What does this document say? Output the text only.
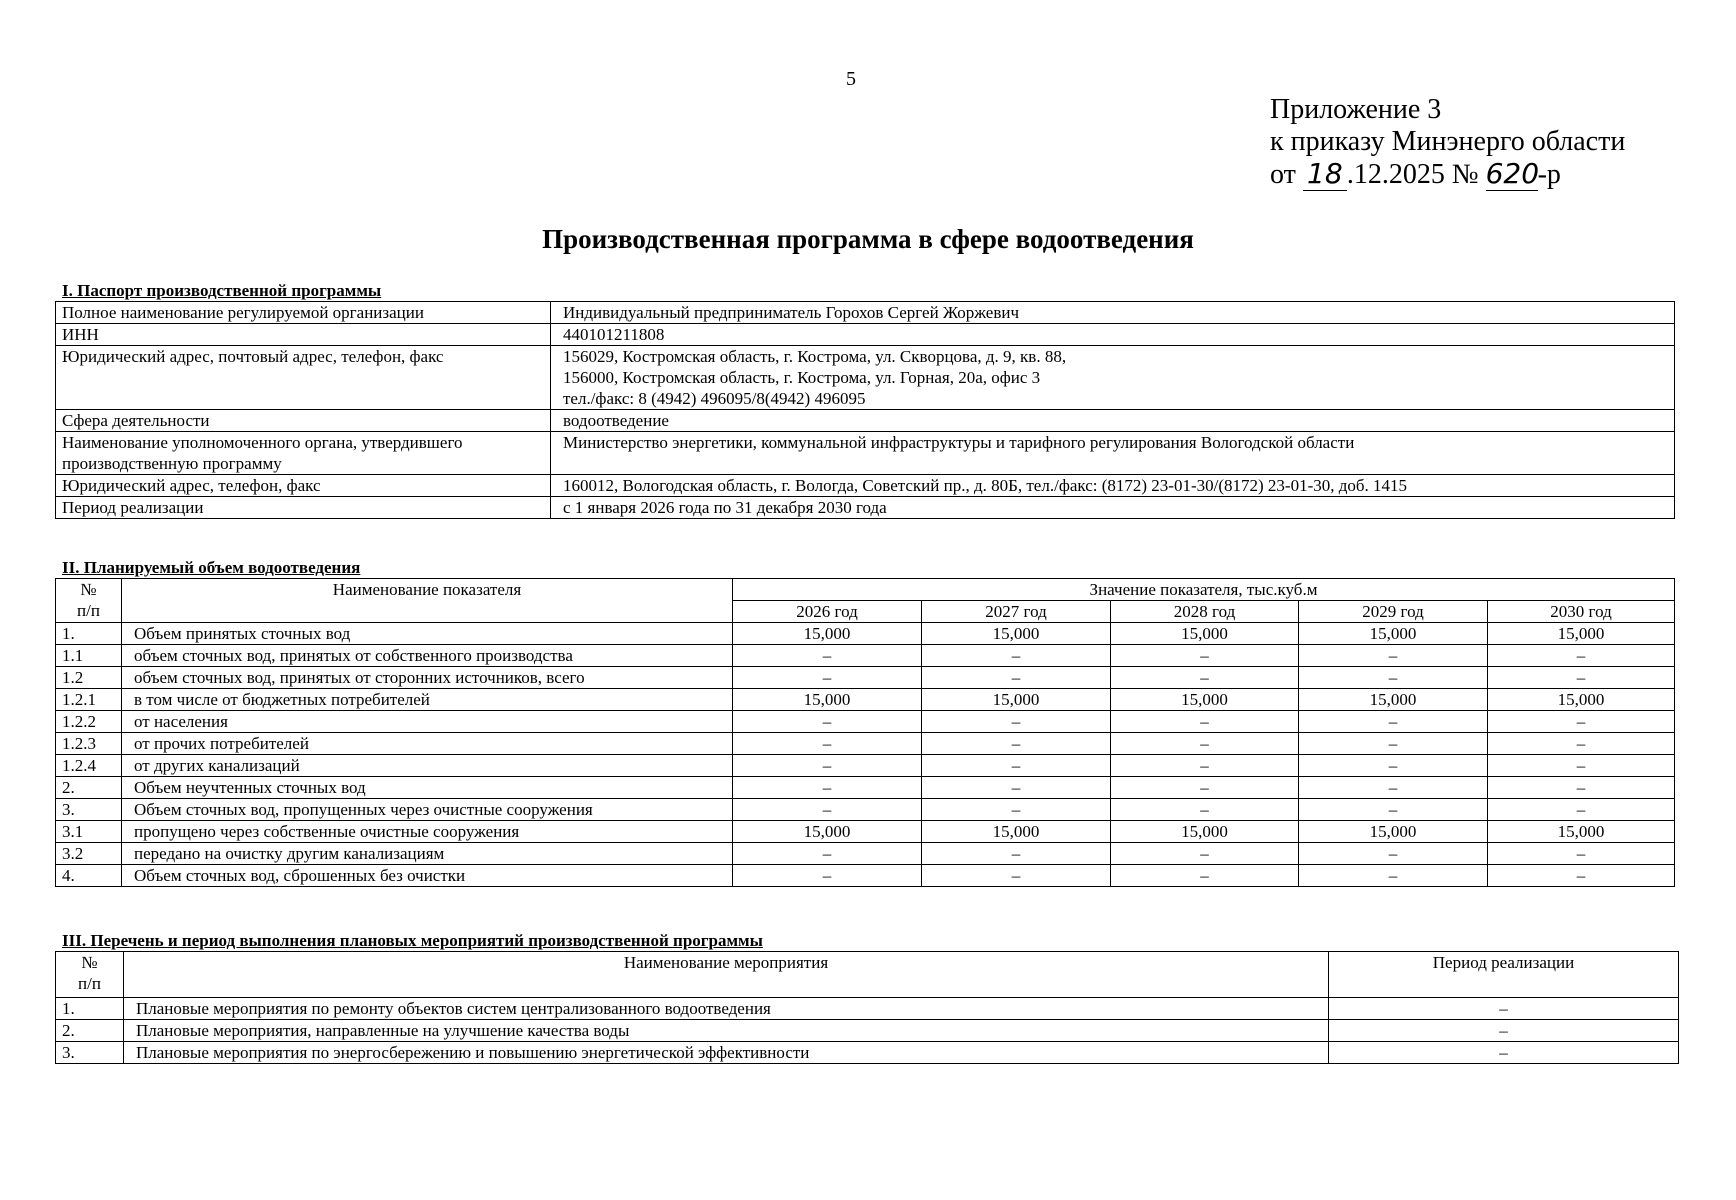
5
Приложение 3
к приказу Минэнерго области
от 18 .12.2025 № 620-р
Производственная программа в сфере водоотведения
I. Паспорт производственной программы
Полное наименование регулируемой организации	Индивидуальный предприниматель Горохов Сергей Жоржевич
ИНН	440101211808
Юридический адрес, почтовый адрес, телефон, факс	156029, Костромская область, г. Кострома, ул. Скворцова, д. 9, кв. 88,
156000, Костромская область, г. Кострома, ул. Горная, 20а, офис 3
тел./факс: 8 (4942) 496095/8(4942) 496095
Сфера деятельности	водоотведение
Наименование уполномоченного органа, утвердившего
производственную программу	Министерство энергетики, коммунальной инфраструктуры и тарифного регулирования Вологодской области
Юридический адрес, телефон, факс	160012, Вологодская область, г. Вологда, Советский пр., д. 80Б, тел./факс: (8172) 23-01-30/(8172) 23-01-30, доб. 1415
Период реализации	с 1 января 2026 года по 31 декабря 2030 года
II. Планируемый объем водоотведения
№
п/п	Наименование показателя	Значение показателя, тыс.куб.м				
		2026 год	2027 год	2028 год	2029 год	2030 год
1.	Объем принятых сточных вод	15,000	15,000	15,000	15,000	15,000
1.1	объем сточных вод, принятых от собственного производства	–	–	–	–	–
1.2	объем сточных вод, принятых от сторонних источников, всего	–	–	–	–	–
1.2.1	в том числе от бюджетных потребителей	15,000	15,000	15,000	15,000	15,000
1.2.2	от населения	–	–	–	–	–
1.2.3	от прочих потребителей	–	–	–	–	–
1.2.4	от других канализаций	–	–	–	–	–
2.	Объем неучтенных сточных вод	–	–	–	–	–
3.	Объем сточных вод, пропущенных через очистные сооружения	–	–	–	–	–
3.1	пропущено через собственные очистные сооружения	15,000	15,000	15,000	15,000	15,000
3.2	передано на очистку другим канализациям	–	–	–	–	–
4.	Объем сточных вод, сброшенных без очистки	–	–	–	–	–
III. Перечень и период выполнения плановых мероприятий производственной программы
№
п/п	Наименование мероприятия	Период реализации
1.	Плановые мероприятия по ремонту объектов систем централизованного водоотведения	–
2.	Плановые мероприятия, направленные на улучшение качества воды	–
3.	Плановые мероприятия по энергосбережению и повышению энергетической эффективности	–
